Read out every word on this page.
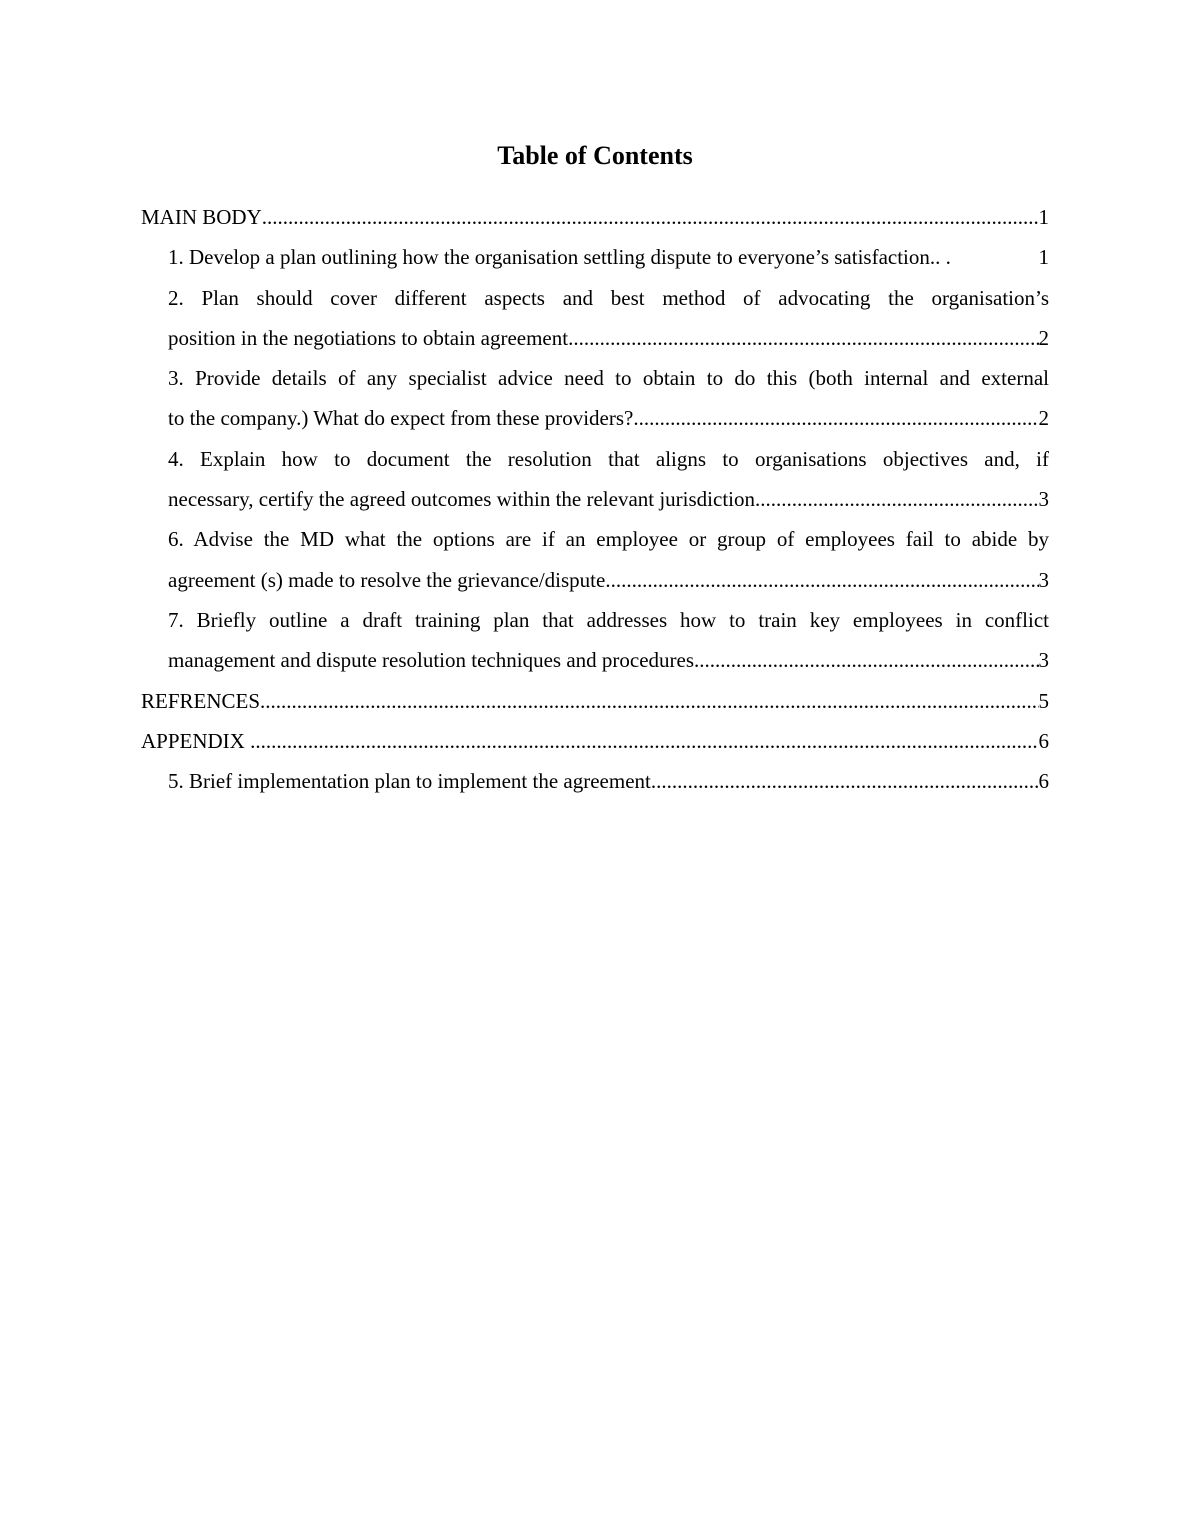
Table of Contents
MAIN BODY .....	1
1. Develop a plan outlining how the organisation settling dispute to everyone’s satisfaction.. .	1
2. Plan should cover different aspects and best method of advocating the organisation’s
position in the negotiations to obtain agreement .....	2
3. Provide details of any specialist advice need to obtain to do this (both internal and external
to the company.) What do expect from these providers? .....	2
4. Explain how to document the resolution that aligns to organisations objectives and, if
necessary, certify the agreed outcomes within the relevant jurisdiction. .....	3
6. Advise the MD what the options are if an employee or group of employees fail to abide by
agreement (s) made to resolve the grievance/dispute .....	3
7. Briefly outline a draft training plan that addresses how to train key employees in conflict
management and dispute resolution techniques and procedures .....	3
REFRENCES .....	5
APPENDIX .....	6
5. Brief implementation plan to implement the agreement .....	6
